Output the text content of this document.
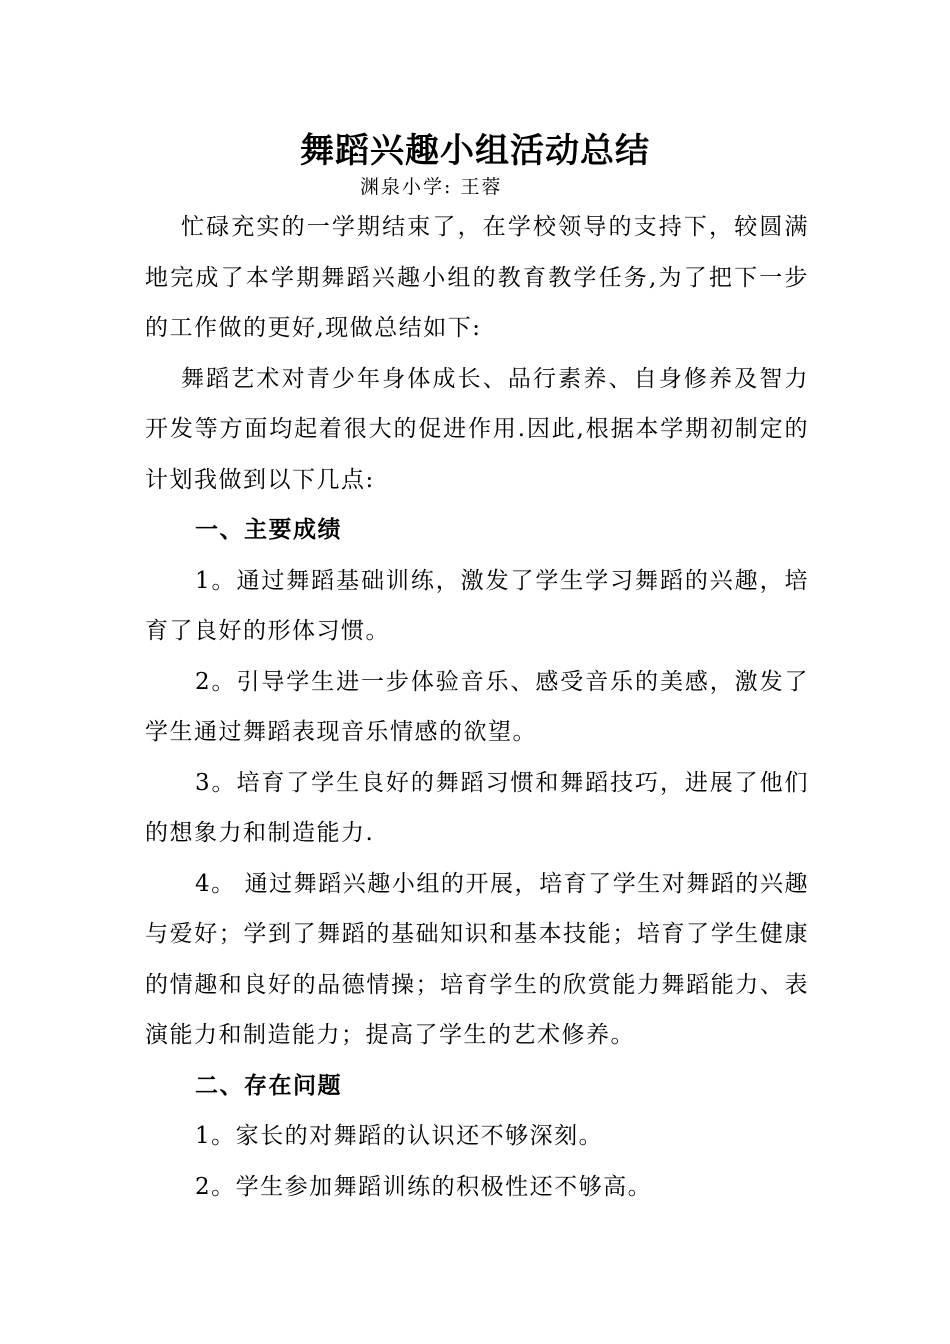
舞蹈兴趣小组活动总结

渊泉小学: 王蓉

忙碌充实的一学期结束了，在学校领导的支持下，较圆满地完成了本学期舞蹈兴趣小组的教育教学任务,为了把下一步的工作做的更好,现做总结如下:

舞蹈艺术对青少年身体成长、品行素养、自身修养及智力开发等方面均起着很大的促进作用.因此,根据本学期初制定的计划我做到以下几点:

一、主要成绩

1。通过舞蹈基础训练，激发了学生学习舞蹈的兴趣，培育了良好的形体习惯。

2。引导学生进一步体验音乐、感受音乐的美感，激发了学生通过舞蹈表现音乐情感的欲望。

3。培育了学生良好的舞蹈习惯和舞蹈技巧，进展了他们的想象力和制造能力.

4。 通过舞蹈兴趣小组的开展，培育了学生对舞蹈的兴趣与爱好；学到了舞蹈的基础知识和基本技能；培育了学生健康的情趣和良好的品德情操；培育学生的欣赏能力舞蹈能力、表演能力和制造能力；提高了学生的艺术修养。

二、存在问题

1。家长的对舞蹈的认识还不够深刻。

2。学生参加舞蹈训练的积极性还不够高。
